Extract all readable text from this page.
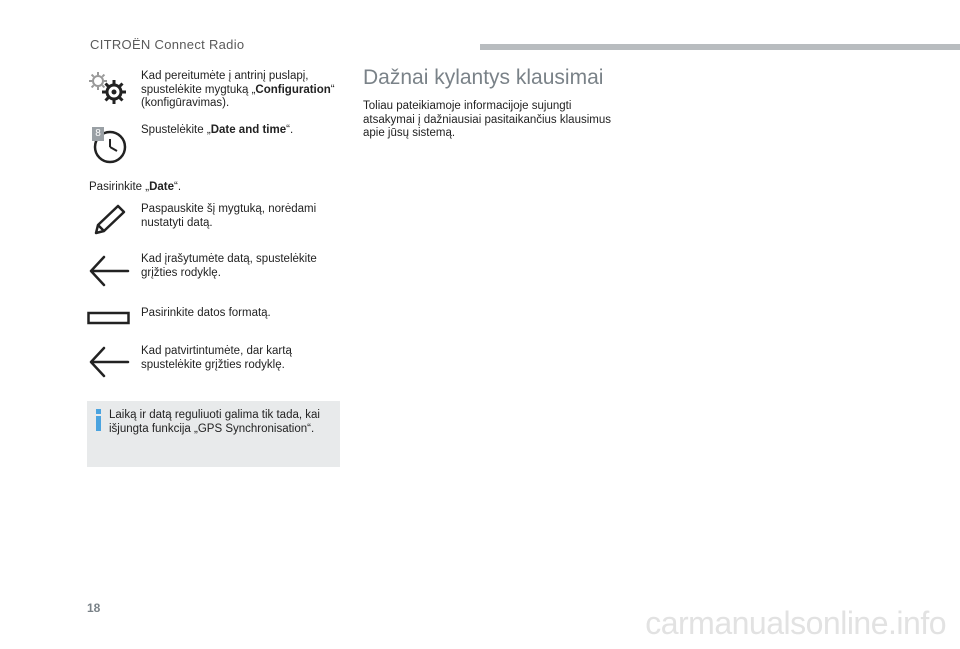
CITROËN Connect Radio
Kad pereitumėte į antrinį puslapį, spustelėkite mygtuką „Configuration“ (konfigūravimas).
8	Spustelėkite „Date and time“.
Pasirinkite „Date“.
Paspauskite šį mygtuką, norėdami nustatyti datą.
Kad įrašytumėte datą, spustelėkite grįžties rodyklę.
Pasirinkite datos formatą.
Kad patvirtintumėte, dar kartą spustelėkite grįžties rodyklę.
Laiką ir datą reguliuoti galima tik tada, kai išjungta funkcija „GPS Synchronisation“.
Dažnai kylantys klausimai
Toliau pateikiamoje informacijoje sujungti atsakymai į dažniausiai pasitaikančius klausimus apie jūsų sistemą.
18	carmanualsonline.info
